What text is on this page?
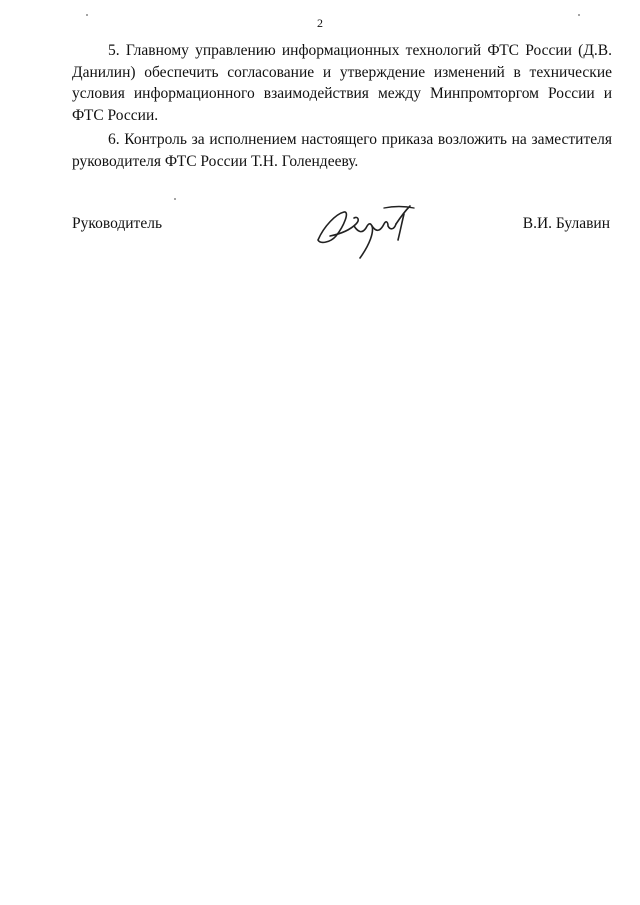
2

5. Главному управлению информационных технологий ФТС России (Д.В. Данилин) обеспечить согласование и утверждение изменений в технические условия информационного взаимодействия между Минпромторгом России и ФТС России.

6. Контроль за исполнением настоящего приказа возложить на заместителя руководителя ФТС России Т.Н. Голендееву.

Руководитель	В.И. Булавин
